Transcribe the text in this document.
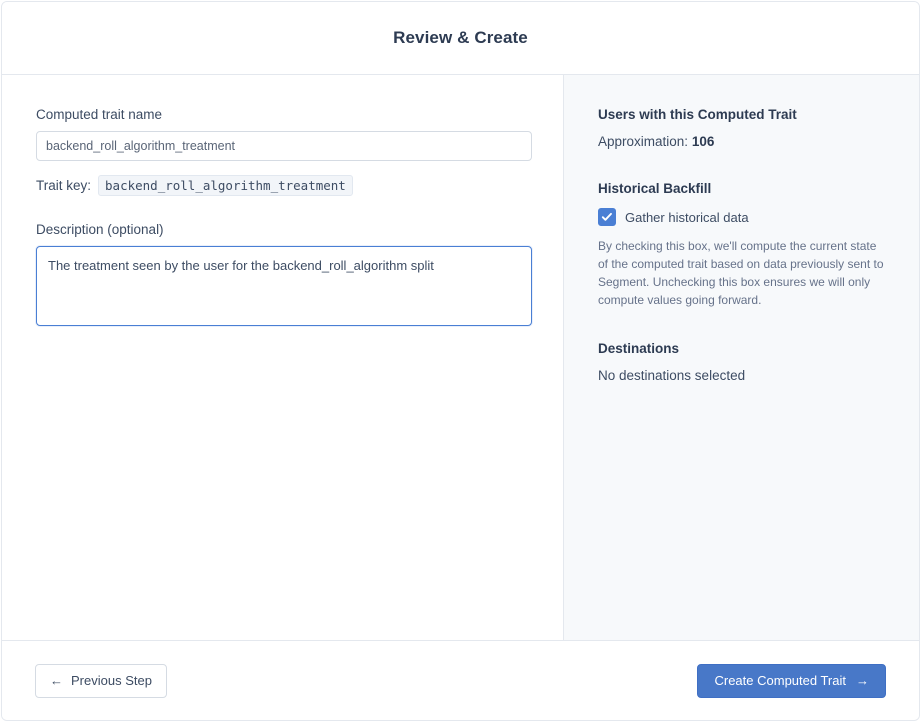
Review & Create
Computed trait name
backend_roll_algorithm_treatment
Trait key:	backend_roll_algorithm_treatment
Description (optional)
The treatment seen by the user for the backend_roll_algorithm split
Users with this Computed Trait

Approximation: 106

Historical Backfill
Gather historical data

By checking this box, we'll compute the current state of the computed trait based on data previously sent to Segment. Unchecking this box ensures we will only compute values going forward.

Destinations

No destinations selected

← Previous Step	Create Computed Trait →
